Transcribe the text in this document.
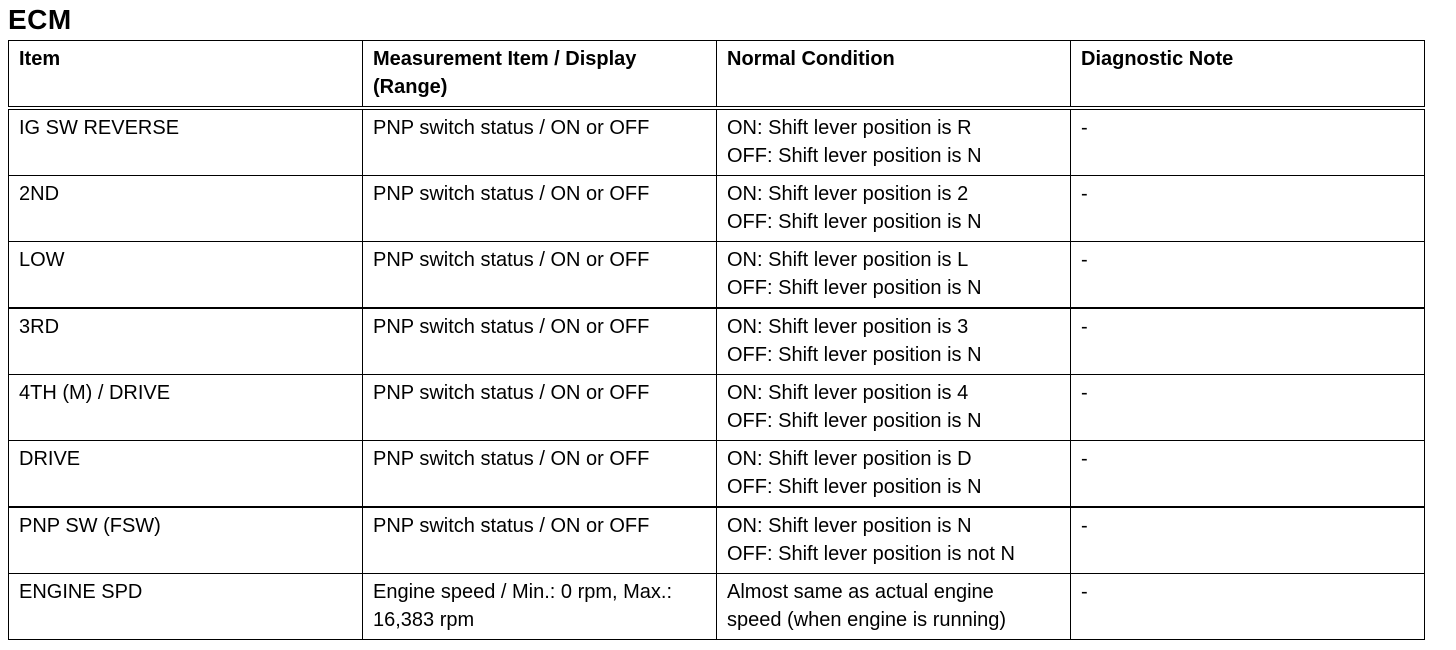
ECM
Item	Measurement Item / Display (Range)	Normal Condition	Diagnostic Note

IG SW REVERSE	PNP switch status / ON or OFF	ON: Shift lever position is R
OFF: Shift lever position is N	-

2ND	PNP switch status / ON or OFF	ON: Shift lever position is 2
OFF: Shift lever position is N	-

LOW	PNP switch status / ON or OFF	ON: Shift lever position is L
OFF: Shift lever position is N	-

3RD	PNP switch status / ON or OFF	ON: Shift lever position is 3
OFF: Shift lever position is N	-

4TH (M) / DRIVE	PNP switch status / ON or OFF	ON: Shift lever position is 4
OFF: Shift lever position is N	-

DRIVE	PNP switch status / ON or OFF	ON: Shift lever position is D
OFF: Shift lever position is N	-

PNP SW (FSW)	PNP switch status / ON or OFF	ON: Shift lever position is N
OFF: Shift lever position is not N	-

ENGINE SPD	Engine speed / Min.: 0 rpm, Max.: 16,383 rpm	Almost same as actual engine
speed (when engine is running)	-
